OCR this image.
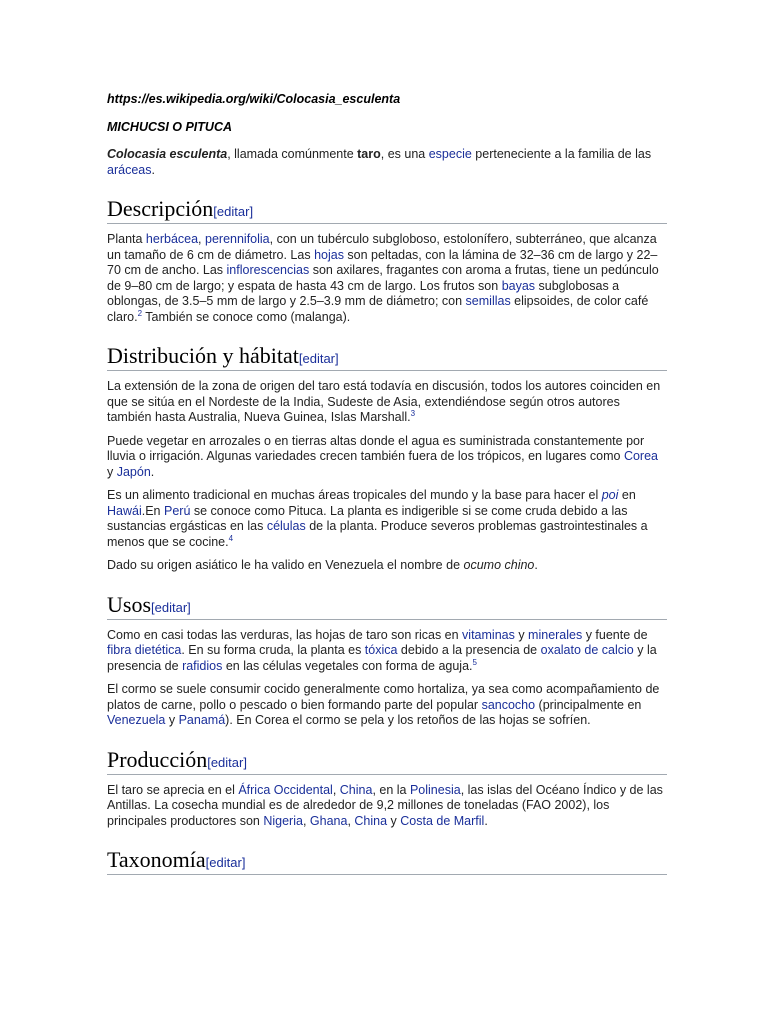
https://es.wikipedia.org/wiki/Colocasia_esculenta
MICHUCSI O PITUCA

Colocasia esculenta, llamada comúnmente taro, es una especie perteneciente a la familia de las aráceas.

Descripción[editar]

Planta herbácea, perennifolia, con un tubérculo subgloboso, estolonífero, subterráneo, que alcanza un tamaño de 6 cm de diámetro. Las hojas son peltadas, con la lámina de 32–36 cm de largo y 22–70 cm de ancho. Las inflorescencias son axilares, fragantes con aroma a frutas, tiene un pedúnculo de 9–80 cm de largo; y espata de hasta 43 cm de largo. Los frutos son bayas subglobosas a oblongas, de 3.5–5 mm de largo y 2.5–3.9 mm de diámetro; con semillas elipsoides, de color café claro.$^2$ También se conoce como (malanga).

Distribución y hábitat[editar]

La extensión de la zona de origen del taro está todavía en discusión, todos los autores coinciden en que se sitúa en el Nordeste de la India, Sudeste de Asia, extendiéndose según otros autores también hasta Australia, Nueva Guinea, Islas Marshall.$^3$

Puede vegetar en arrozales o en tierras altas donde el agua es suministrada constantemente por lluvia o irrigación. Algunas variedades crecen también fuera de los trópicos, en lugares como Corea y Japón.

Es un alimento tradicional en muchas áreas tropicales del mundo y la base para hacer el poi en Hawái.En Perú se conoce como Pituca. La planta es indigerible si se come cruda debido a las sustancias ergásticas en las células de la planta. Produce severos problemas gastrointestinales a menos que se cocine.$^4$

Dado su origen asiático le ha valido en Venezuela el nombre de ocumo chino.

Usos[editar]

Como en casi todas las verduras, las hojas de taro son ricas en vitaminas y minerales y fuente de fibra dietética. En su forma cruda, la planta es tóxica debido a la presencia de oxalato de calcio y la presencia de rafidios en las células vegetales con forma de aguja.$^5$

El cormo se suele consumir cocido generalmente como hortaliza, ya sea como acompañamiento de platos de carne, pollo o pescado o bien formando parte del popular sancocho (principalmente en Venezuela y Panamá). En Corea el cormo se pela y los retoños de las hojas se sofríen.

Producción[editar]

El taro se aprecia en el África Occidental, China, en la Polinesia, las islas del Océano Índico y de las Antillas. La cosecha mundial es de alrededor de 9,2 millones de toneladas (FAO 2002), los principales productores son Nigeria, Ghana, China y Costa de Marfil.

Taxonomía[editar]
